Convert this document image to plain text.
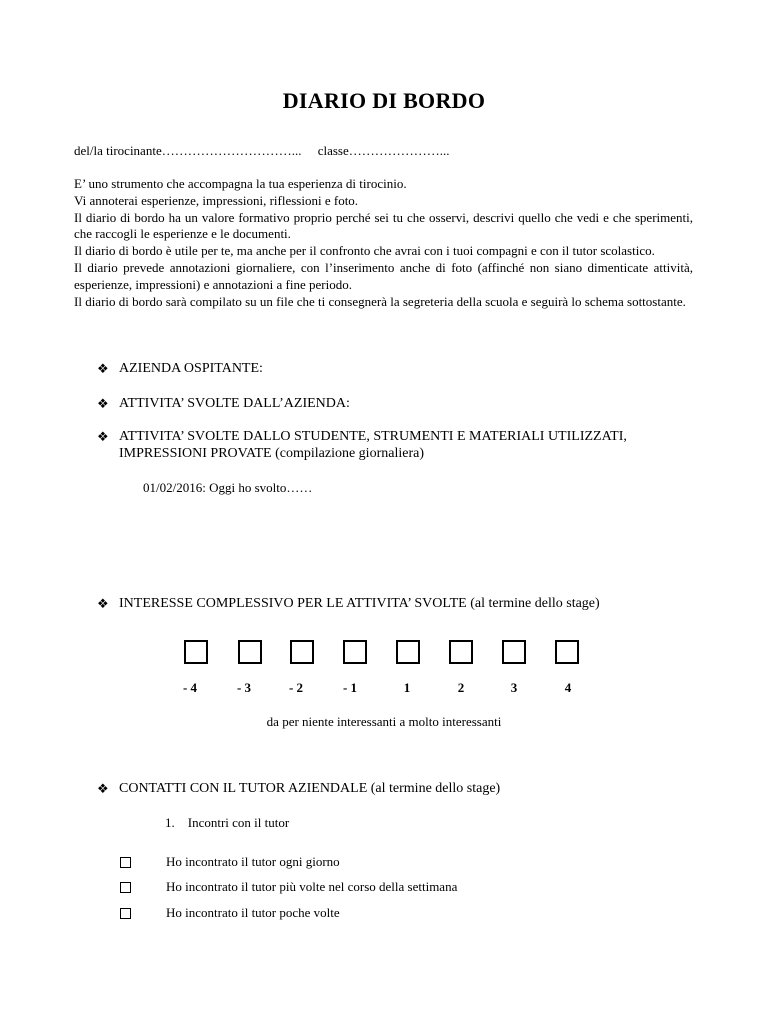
DIARIO DI BORDO
del/la tirocinante…………………………... classe…………………...

E’ uno strumento che accompagna la tua esperienza di tirocinio.

Vi annoterai esperienze, impressioni, riflessioni e foto.

Il diario di bordo ha un valore formativo proprio perché sei tu che osservi, descrivi quello che vedi e che sperimenti, che raccogli le esperienze e le documenti.

Il diario di bordo è utile per te, ma anche per il confronto che avrai con i tuoi compagni e con il tutor scolastico.

Il diario prevede annotazioni giornaliere, con l’inserimento anche di foto (affinché non siano dimenticate attività, esperienze, impressioni) e annotazioni a fine periodo.

Il diario di bordo sarà compilato su un file che ti consegnerà la segreteria della scuola e seguirà lo schema sottostante.

❖ AZIENDA OSPITANTE:
❖ ATTIVITA’ SVOLTE DALL’AZIENDA:
❖ ATTIVITA’ SVOLTE DALLO STUDENTE, STRUMENTI E MATERIALI UTILIZZATI, IMPRESSIONI PROVATE (compilazione giornaliera)
01/02/2016: Oggi ho svolto……
❖ INTERESSE COMPLESSIVO PER LE ATTIVITA’ SVOLTE (al termine dello stage)
- 4	- 3	- 2	- 1	1	2	3	4
da per niente interessanti a molto interessanti
❖ CONTATTI CON IL TUTOR AZIENDALE (al termine dello stage)
1.    Incontri con il tutor
Ho incontrato il tutor ogni giorno
Ho incontrato il tutor più volte nel corso della settimana
Ho incontrato il tutor poche volte
